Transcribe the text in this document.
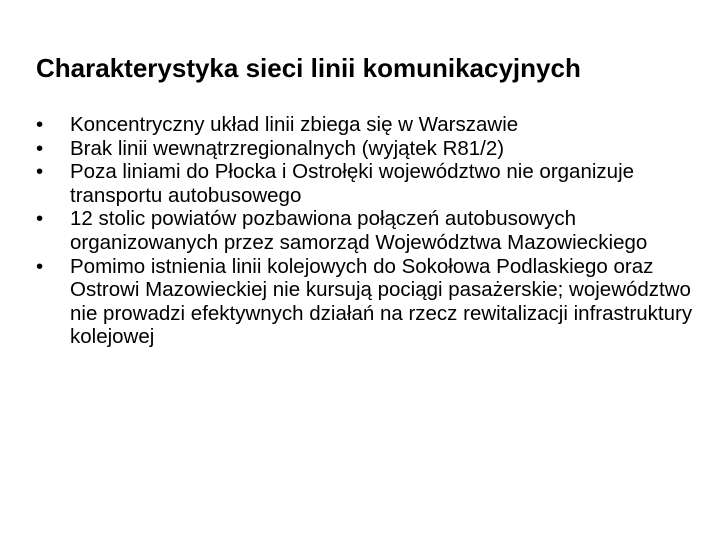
Charakterystyka sieci linii komunikacyjnych
•	Koncentryczny układ linii zbiega się w Warszawie
•	Brak linii wewnątrzregionalnych (wyjątek R81/2)
•	Poza liniami do Płocka i Ostrołęki województwo nie organizuje transportu autobusowego
•	12 stolic powiatów pozbawiona połączeń autobusowych organizowanych przez samorząd Województwa Mazowieckiego
•	Pomimo istnienia linii kolejowych do Sokołowa Podlaskiego oraz Ostrowi Mazowieckiej nie kursują pociągi pasażerskie; województwo nie prowadzi efektywnych działań na rzecz rewitalizacji infrastruktury kolejowej
